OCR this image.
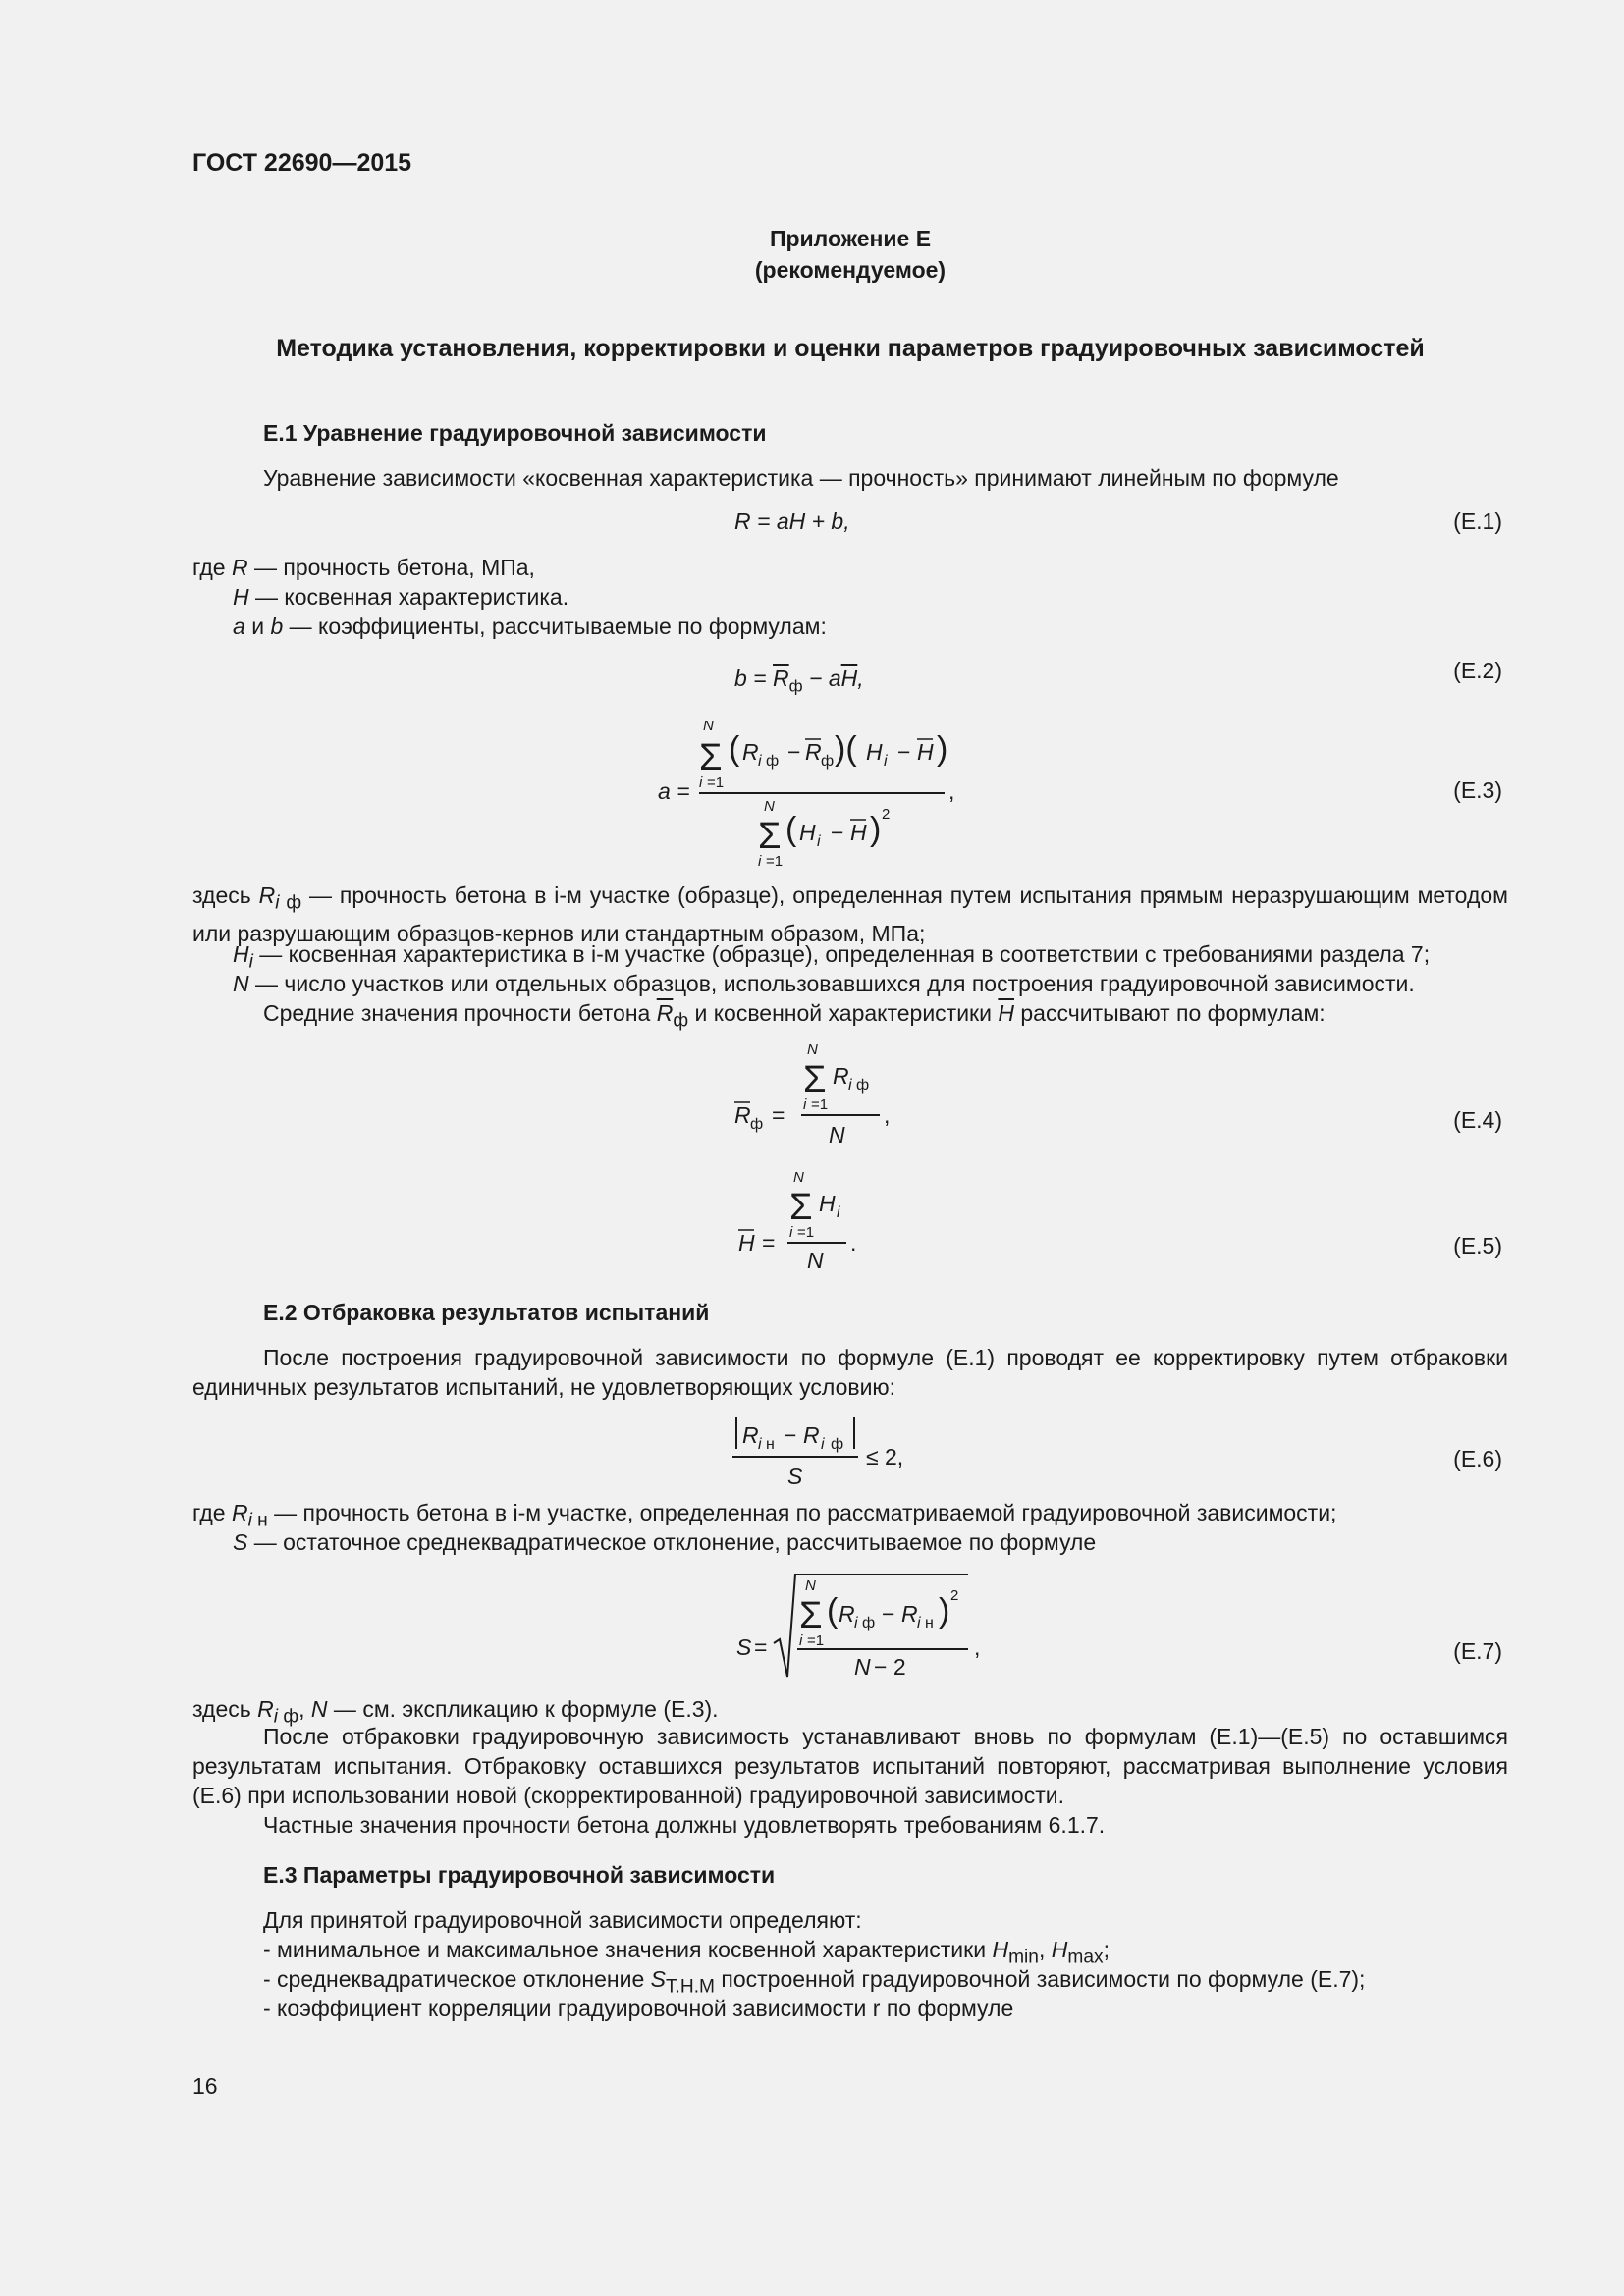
ГОСТ 22690—2015
Приложение Е
(рекомендуемое)
Методика установления, корректировки и оценки параметров градуировочных зависимостей
Е.1 Уравнение градуировочной зависимости
Уравнение зависимости «косвенная характеристика — прочность» принимают линейным по формуле
R = aH + b,	(Е.1)
где R — прочность бетона, МПа,
H — косвенная характеристика.
a и b — коэффициенты, рассчитываемые по формулам:
$b = \overline{R}_ф - a\overline{H}$,	(Е.2)
a =
N
Σ
i =1
( R i ф − R ф )( H i − H )
,
N
Σ
i =1
( H i − H ) 2
(Е.3)
здесь $R_{i ф}$ — прочность бетона в i-м участке (образце), определенная путем испытания прямым неразрушающим методом или разрушающим образцов-кернов или стандартным образом, МПа;
$H_i$ — косвенная характеристика в i-м участке (образце), определенная в соответствии с требованиями раздела 7;
N — число участков или отдельных образцов, использовавшихся для построения градуировочной зависимости.
Средние значения прочности бетона $\overline{R}_ф$ и косвенной характеристики $\overline{H}$ рассчитывают по формулам:
N
Σ
i =1
R i ф
R ф =	,
N
(Е.4)
N
Σ
i =1
H i
H =	.
N
(Е.5)
Е.2 Отбраковка результатов испытаний
После построения градуировочной зависимости по формуле (Е.1) проводят ее корректировку путем отбраковки единичных результатов испытаний, не удовлетворяющих условию:
R i н − R i ф ≤ 2,
S
(Е.6)
где $R_{i н}$ — прочность бетона в i-м участке, определенная по рассматриваемой градуировочной зависимости;
S — остаточное среднеквадратическое отклонение, рассчитываемое по формуле
S =
N
Σ
i =1
( R i ф − R i н ) 2
,
N − 2
(Е.7)
здесь $R_{i ф}$, N — см. экспликацию к формуле (Е.3).
После отбраковки градуировочную зависимость устанавливают вновь по формулам (Е.1)—(Е.5) по оставшимся результатам испытания. Отбраковку оставшихся результатов испытаний повторяют, рассматривая выполнение условия (Е.6) при использовании новой (скорректированной) градуировочной зависимости.
Частные значения прочности бетона должны удовлетворять требованиям 6.1.7.
Е.3 Параметры градуировочной зависимости
Для принятой градуировочной зависимости определяют:
- минимальное и максимальное значения косвенной характеристики $H_{min}$, $H_{max}$;
- среднеквадратическое отклонение $S_{Т.Н.М}$ построенной градуировочной зависимости по формуле (Е.7);
- коэффициент корреляции градуировочной зависимости r по формуле
16
